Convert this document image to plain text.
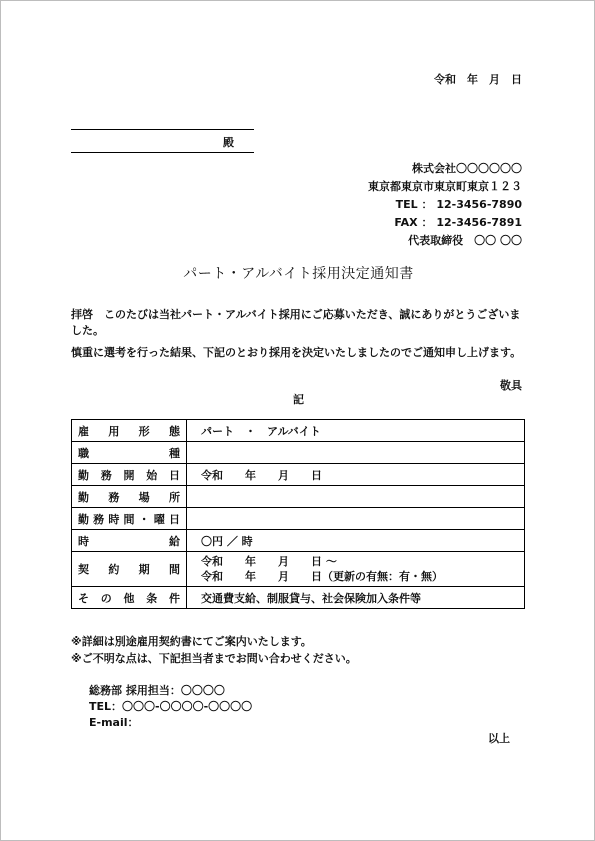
令和　年　月　日
殿
株式会社〇〇〇〇〇〇
東京都東京市東京町東京１２３
TEL ： 12-3456-7890
FAX ： 12-3456-7891
代表取締役　〇〇 〇〇
パート・アルバイト採用決定通知書

拝啓　このたびは当社パート・アルバイト採用にご応募いただき、誠にありがとうございました。

慎重に選考を行った結果、下記のとおり採用を決定いたしましたのでご通知申し上げます。

敬具
記
雇用形態	パート　・　アルバイト

職種	

勤務開始日	令和　　年　　月　　日

勤務場所	

勤務時間・曜日	

時給	〇円 ／ 時

契約期間	令和　　年　　月　　日 ～
令和　　年　　月　　日（更新の有無：有・無）

その他条件	交通費支給、制服貸与、社会保険加入条件等
※詳細は別途雇用契約書にてご案内いたします。
※ご不明な点は、下記担当者までお問い合わせください。
総務部 採用担当：〇〇〇〇
TEL：〇〇〇-〇〇〇〇-〇〇〇〇
E-mail：
以上
